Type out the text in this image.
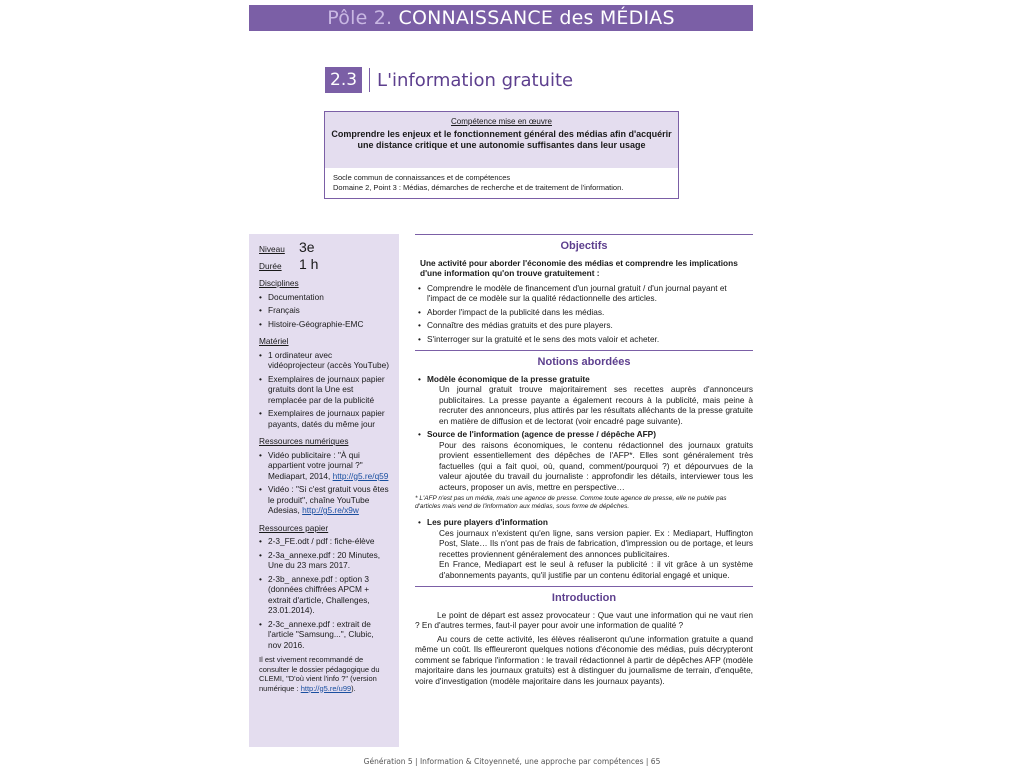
Pôle 2. CONNAISSANCE des MÉDIAS
2.3 L'information gratuite
Compétence mise en œuvre
Comprendre les enjeux et le fonctionnement général des médias afin d'acquérir une distance critique et une autonomie suffisantes dans leur usage
Socle commun de connaissances et de compétences
Domaine 2, Point 3 : Médias, démarches de recherche et de traitement de l'information.
Niveau	3e
Durée	1 h
Disciplines
• Documentation
• Français
• Histoire-Géographie-EMC
Matériel
• 1 ordinateur avec vidéoprojecteur (accès YouTube)
• Exemplaires de journaux papier gratuits dont la Une est remplacée par de la publicité
• Exemplaires de journaux papier payants, datés du même jour
Ressources numériques
• Vidéo publicitaire : "À qui appartient votre journal ?" Mediapart, 2014, http://g5.re/q59
• Vidéo : "Si c'est gratuit vous êtes le produit", chaîne YouTube Adesias, http://g5.re/x9w
Ressources papier
• 2-3_FE.odt / pdf : fiche-élève
• 2-3a_annexe.pdf : 20 Minutes, Une du 23 mars 2017.
• 2-3b_ annexe.pdf : option 3 (données chiffrées APCM + extrait d'article, Challenges, 23.01.2014).
• 2-3c_annexe.pdf : extrait de l'article "Samsung...", Clubic, nov 2016.
Il est vivement recommandé de consulter le dossier pédagogique du CLEMI, "D'où vient l'info ?" (version numérique : http://g5.re/u99).
Objectifs
Une activité pour aborder l'économie des médias et comprendre les implications d'une information qu'on trouve gratuitement :
• Comprendre le modèle de financement d'un journal gratuit / d'un journal payant et l'impact de ce modèle sur la qualité rédactionnelle des articles.
• Aborder l'impact de la publicité dans les médias.
• Connaître des médias gratuits et des pure players.
• S'interroger sur la gratuité et le sens des mots valoir et acheter.
Notions abordées
• Modèle économique de la presse gratuite
Un journal gratuit trouve majoritairement ses recettes auprès d'annonceurs publicitaires. La presse payante a également recours à la publicité, mais peine à recruter des annonceurs, plus attirés par les résultats alléchants de la presse gratuite en matière de diffusion et de lectorat (voir encadré page suivante).
• Source de l'information (agence de presse / dépêche AFP)
Pour des raisons économiques, le contenu rédactionnel des journaux gratuits provient essentiellement des dépêches de l'AFP*. Elles sont généralement très factuelles (qui a fait quoi, où, quand, comment/pourquoi ?) et dépourvues de la valeur ajoutée du travail du journaliste : approfondir les détails, interviewer tous les acteurs, proposer un avis, mettre en perspective…
* L'AFP n'est pas un média, mais une agence de presse. Comme toute agence de presse, elle ne publie pas d'articles mais vend de l'information aux médias, sous forme de dépêches.
• Les pure players d'information
Ces journaux n'existent qu'en ligne, sans version papier. Ex : Mediapart, Huffington Post, Slate… Ils n'ont pas de frais de fabrication, d'impression ou de portage, et leurs recettes proviennent généralement des annonces publicitaires.
En France, Mediapart est le seul à refuser la publicité : il vit grâce à un système d'abonnements payants, qu'il justifie par un contenu éditorial engagé et unique.
Introduction
Le point de départ est assez provocateur : Que vaut une information qui ne vaut rien ? En d'autres termes, faut-il payer pour avoir une information de qualité ?
Au cours de cette activité, les élèves réaliseront qu'une information gratuite a quand même un coût. Ils effleureront quelques notions d'économie des médias, puis décrypteront comment se fabrique l'information : le travail rédactionnel à partir de dépêches AFP (modèle majoritaire dans les journaux gratuits) est à distinguer du journalisme de terrain, d'enquête, voire d'investigation (modèle majoritaire dans les journaux payants).
Génération 5 | Information & Citoyenneté, une approche par compétences | 65
